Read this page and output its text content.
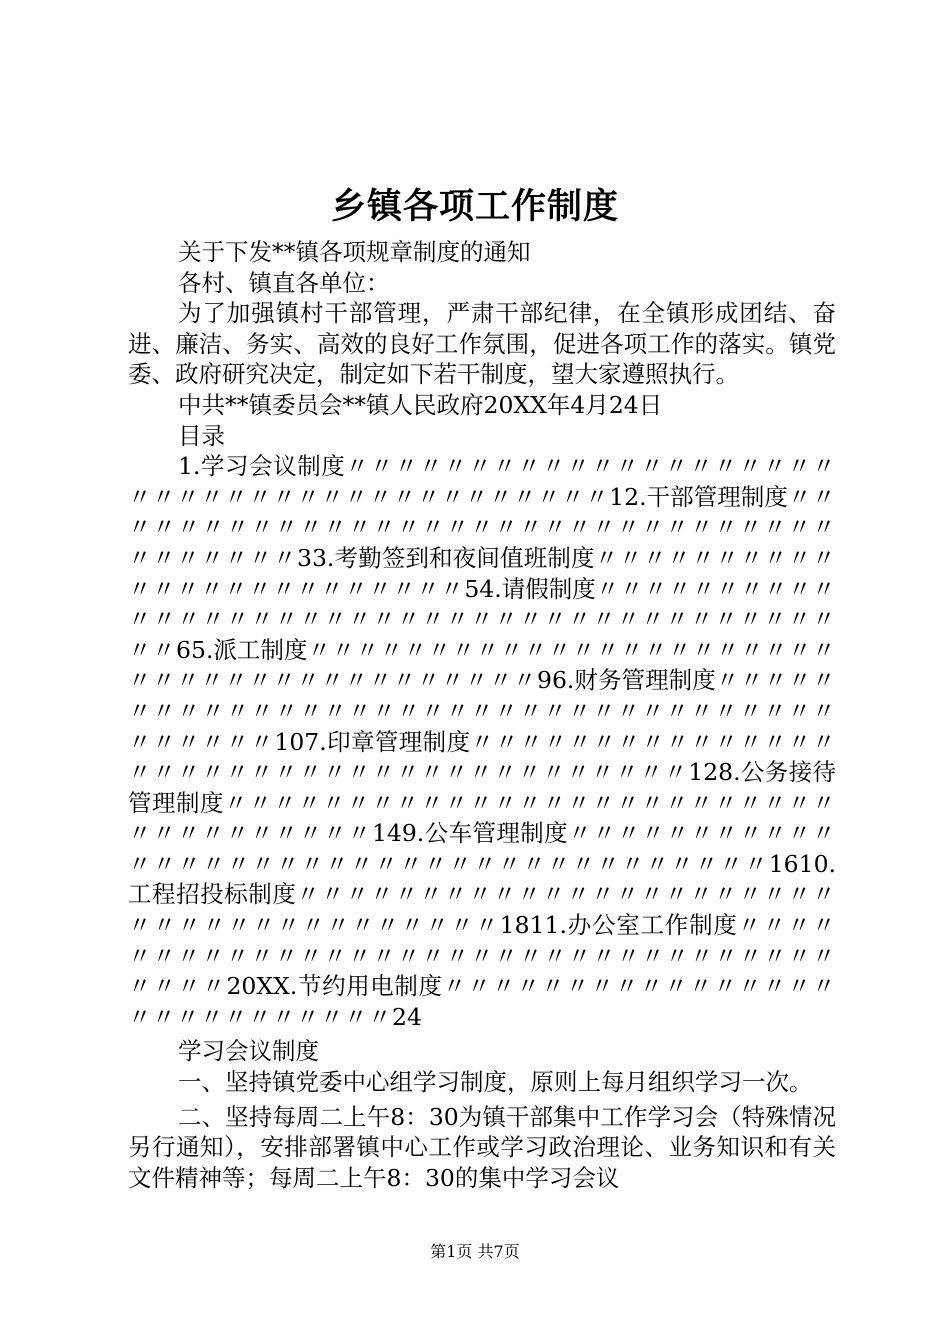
乡镇各项工作制度

关于下发**镇各项规章制度的通知

各村、镇直各单位：

为了加强镇村干部管理，严肃干部纪律，在全镇形成团结、奋进、廉洁、务实、高效的良好工作氛围，促进各项工作的落实。镇党委、政府研究决定，制定如下若干制度，望大家遵照执行。

中共**镇委员会**镇人民政府20XX年4月24日

目录

1.学习会议制度〃〃〃〃〃〃〃〃〃〃〃〃〃〃〃〃〃〃〃〃〃〃〃〃〃〃〃〃〃〃〃〃〃〃〃〃〃〃〃〃12.干部管理制度〃〃〃〃〃〃〃〃〃〃〃〃〃〃〃〃〃〃〃〃〃〃〃〃〃〃〃〃〃〃〃〃〃〃〃〃〃〃33.考勤签到和夜间值班制度〃〃〃〃〃〃〃〃〃〃〃〃〃〃〃〃〃〃〃〃〃〃〃〃54.请假制度〃〃〃〃〃〃〃〃〃〃〃〃〃〃〃〃〃〃〃〃〃〃〃〃〃〃〃〃〃〃〃〃〃〃〃〃〃〃〃〃〃65.派工制度〃〃〃〃〃〃〃〃〃〃〃〃〃〃〃〃〃〃〃〃〃〃〃〃〃〃〃〃〃〃〃〃〃〃〃〃〃〃〃96.财务管理制度〃〃〃〃〃〃〃〃〃〃〃〃〃〃〃〃〃〃〃〃〃〃〃〃〃〃〃〃〃〃〃〃〃〃〃〃〃〃〃〃107.印章管理制度〃〃〃〃〃〃〃〃〃〃〃〃〃〃〃〃〃〃〃〃〃〃〃〃〃〃〃〃〃〃〃〃〃〃〃〃〃〃128.公务接待管理制度〃〃〃〃〃〃〃〃〃〃〃〃〃〃〃〃〃〃〃〃〃〃〃〃〃〃〃〃〃〃〃〃〃〃〃149.公车管理制度〃〃〃〃〃〃〃〃〃〃〃〃〃〃〃〃〃〃〃〃〃〃〃〃〃〃〃〃〃〃〃〃〃〃〃〃〃1610.工程招投标制度〃〃〃〃〃〃〃〃〃〃〃〃〃〃〃〃〃〃〃〃〃〃〃〃〃〃〃〃〃〃〃〃〃〃〃〃〃1811.办公室工作制度〃〃〃〃〃〃〃〃〃〃〃〃〃〃〃〃〃〃〃〃〃〃〃〃〃〃〃〃〃〃〃〃〃〃〃〃〃20XX.节约用电制度〃〃〃〃〃〃〃〃〃〃〃〃〃〃〃〃〃〃〃〃〃〃〃〃〃〃〃24

学习会议制度

一、坚持镇党委中心组学习制度，原则上每月组织学习一次。

二、坚持每周二上午8：30为镇干部集中工作学习会（特殊情况另行通知），安排部署镇中心工作或学习政治理论、业务知识和有关文件精神等；每周二上午8：30的集中学习会议

第1页 共7页
